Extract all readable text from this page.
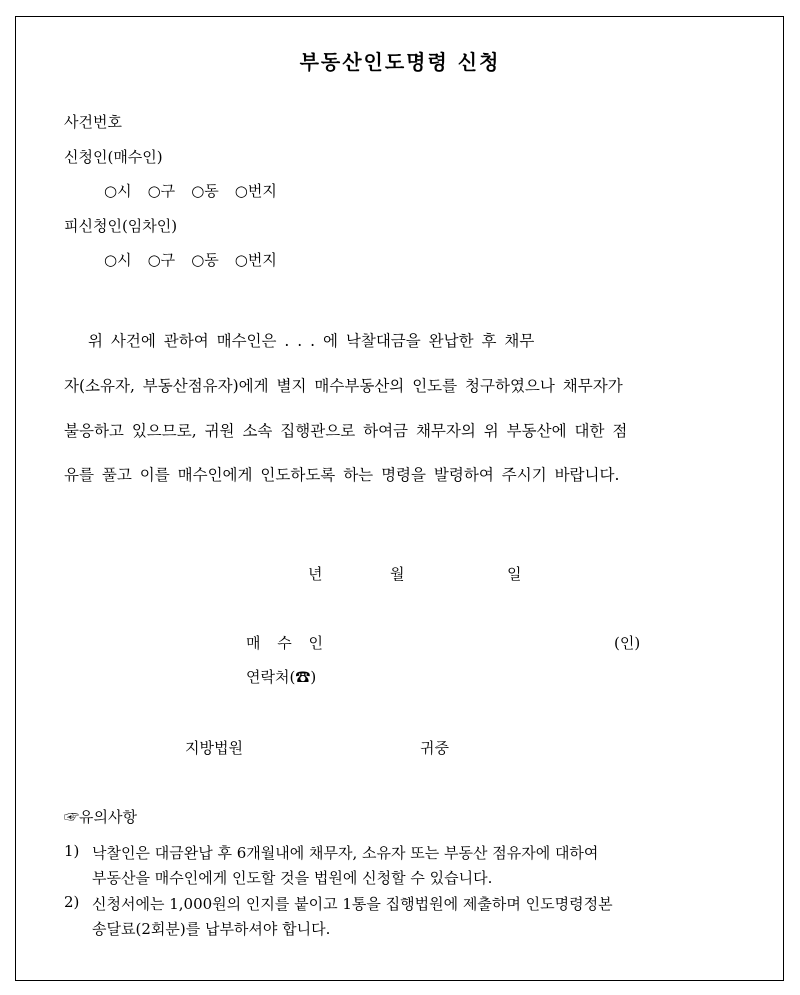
부동산인도명령 신청
사건번호
신청인(매수인)
○시 ○구 ○동 ○번지
피신청인(임차인)
○시 ○구 ○동 ○번지
위 사건에 관하여 매수인은 . . . 에 낙찰대금을 완납한 후 채무
자(소유자, 부동산점유자)에게 별지 매수부동산의 인도를 청구하였으나 채무자가
불응하고 있으므로, 귀원 소속 집행관으로 하여금 채무자의 위 부동산에 대한 점
유를 풀고 이를 매수인에게 인도하도록 하는 명령을 발령하여 주시기 바랍니다.
년	월	일
매 수 인	(인)
연락처(☎)
지방법원	귀중
☞유의사항
1) 낙찰인은 대금완납 후 6개월내에 채무자, 소유자 또는 부동산 점유자에 대하여
부동산을 매수인에게 인도할 것을 법원에 신청할 수 있습니다.
2) 신청서에는 1,000원의 인지를 붙이고 1통을 집행법원에 제출하며 인도명령정본
송달료(2회분)를 납부하셔야 합니다.
